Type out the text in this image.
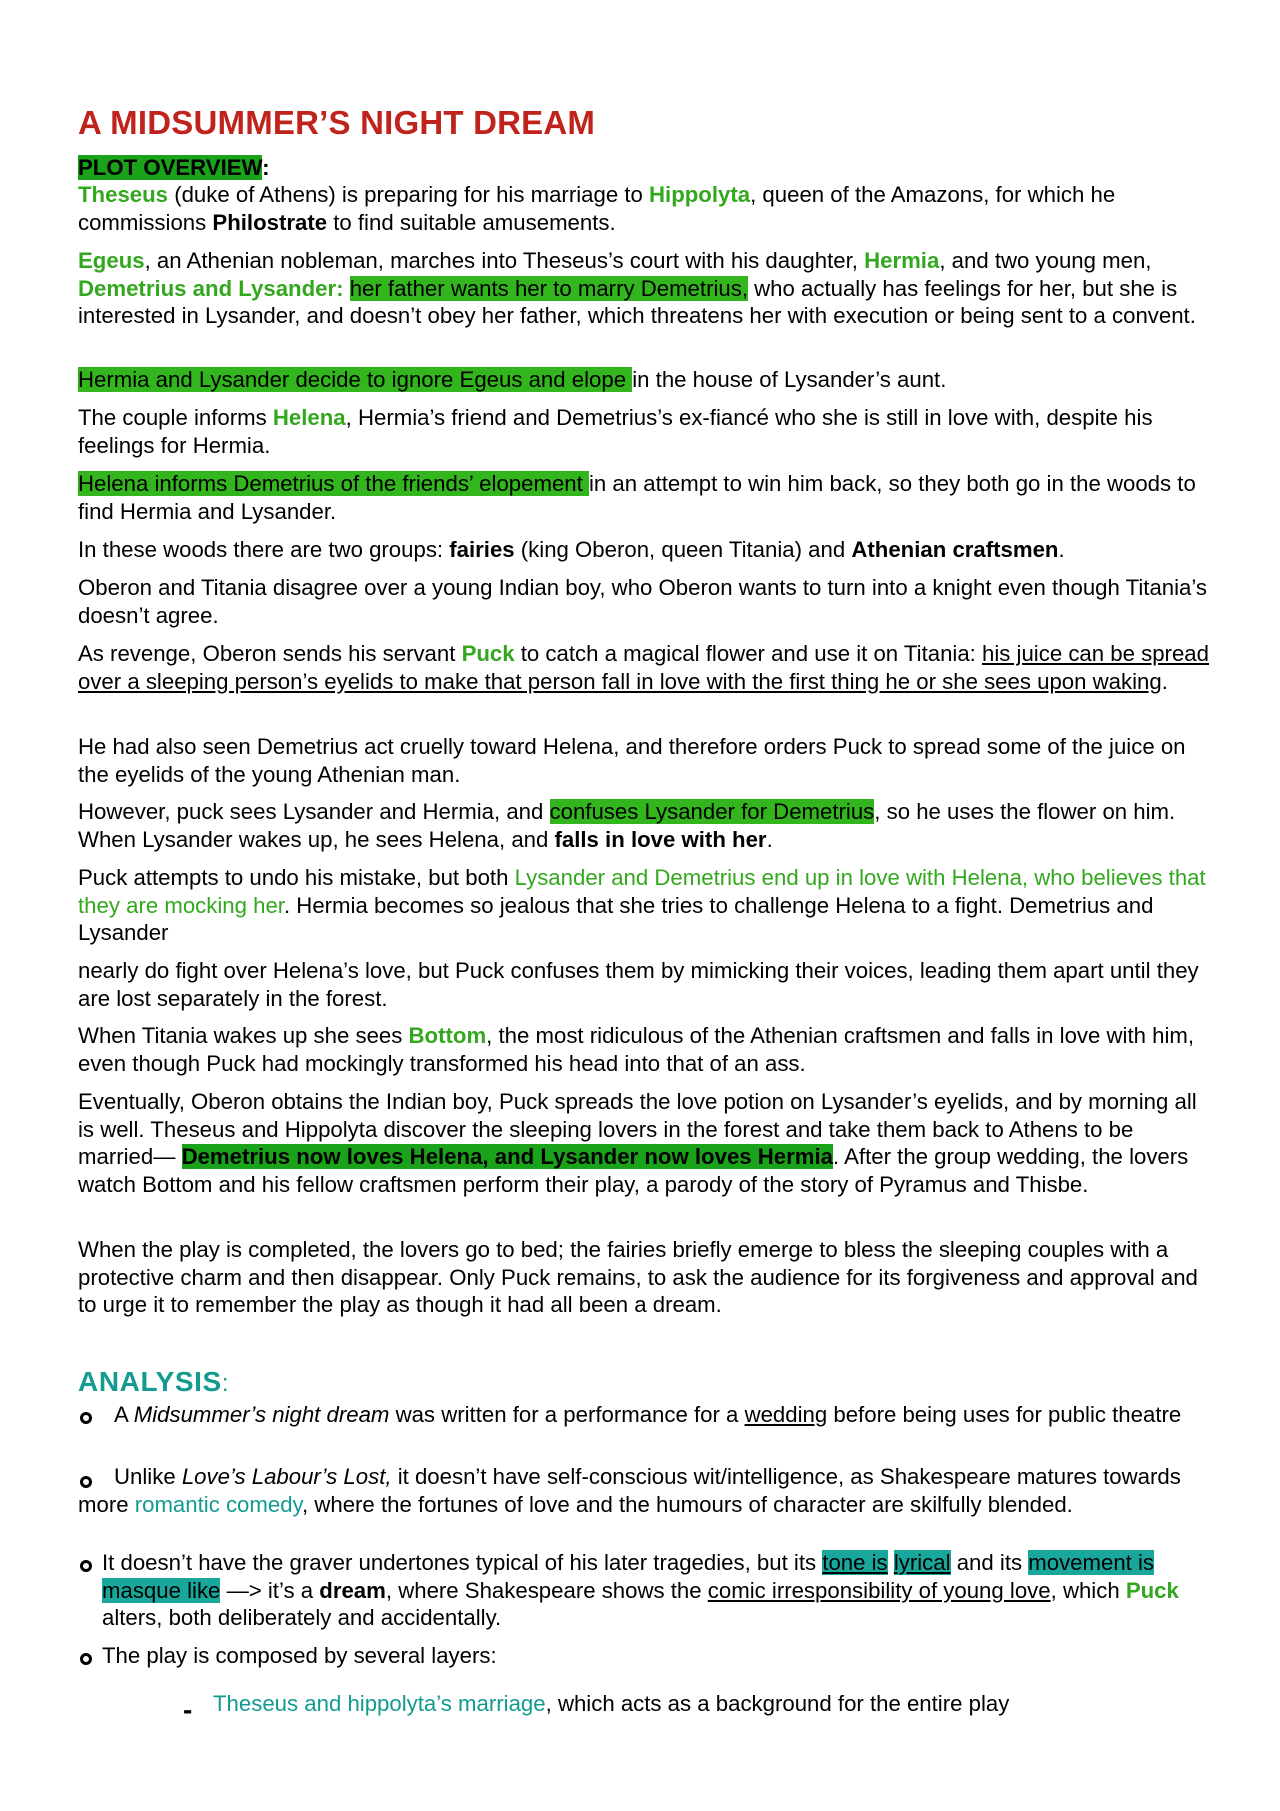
A MIDSUMMER’S NIGHT DREAM

PLOT OVERVIEW:

Theseus (duke of Athens) is preparing for his marriage to Hippolyta, queen of the Amazons, for which he commissions Philostrate to find suitable amusements.

Egeus, an Athenian nobleman, marches into Theseus’s court with his daughter, Hermia, and two young men, Demetrius and Lysander: her father wants her to marry Demetrius, who actually has feelings for her, but she is interested in Lysander, and doesn’t obey her father, which threatens her with execution or being sent to a convent.

Hermia and Lysander decide to ignore Egeus and elope in the house of Lysander’s aunt.

The couple informs Helena, Hermia’s friend and Demetrius’s ex-fiancé who she is still in love with, despite his feelings for Hermia.

Helena informs Demetrius of the friends’ elopement in an attempt to win him back, so they both go in the woods to find Hermia and Lysander.

In these woods there are two groups: fairies (king Oberon, queen Titania) and Athenian craftsmen.

Oberon and Titania disagree over a young Indian boy, who Oberon wants to turn into a knight even though Titania’s doesn’t agree.

As revenge, Oberon sends his servant Puck to catch a magical flower and use it on Titania: his juice can be spread over a sleeping person’s eyelids to make that person fall in love with the first thing he or she sees upon waking.

He had also seen Demetrius act cruelly toward Helena, and therefore orders Puck to spread some of the juice on the eyelids of the young Athenian man.

However, puck sees Lysander and Hermia, and confuses Lysander for Demetrius, so he uses the flower on him. When Lysander wakes up, he sees Helena, and falls in love with her.

Puck attempts to undo his mistake, but both Lysander and Demetrius end up in love with Helena, who believes that they are mocking her. Hermia becomes so jealous that she tries to challenge Helena to a fight. Demetrius and Lysander

nearly do fight over Helena’s love, but Puck confuses them by mimicking their voices, leading them apart until they are lost separately in the forest.

When Titania wakes up she sees Bottom, the most ridiculous of the Athenian craftsmen and falls in love with him, even though Puck had mockingly transformed his head into that of an ass.

Eventually, Oberon obtains the Indian boy, Puck spreads the love potion on Lysander’s eyelids, and by morning all is well. Theseus and Hippolyta discover the sleeping lovers in the forest and take them back to Athens to be married— Demetrius now loves Helena, and Lysander now loves Hermia. After the group wedding, the lovers watch Bottom and his fellow craftsmen perform their play, a parody of the story of Pyramus and Thisbe.

When the play is completed, the lovers go to bed; the fairies briefly emerge to bless the sleeping couples with a protective charm and then disappear. Only Puck remains, to ask the audience for its forgiveness and approval and to urge it to remember the play as though it had all been a dream.

ANALYSIS:

A Midsummer’s night dream was written for a performance for a wedding before being uses for public theatre

Unlike Love’s Labour’s Lost, it doesn’t have self-conscious wit/intelligence, as Shakespeare matures towards more romantic comedy, where the fortunes of love and the humours of character are skilfully blended.

It doesn’t have the graver undertones typical of his later tragedies, but its tone is lyrical and its movement is masque like —> it’s a dream, where Shakespeare shows the comic irresponsibility of young love, which Puck alters, both deliberately and accidentally.

The play is composed by several layers:

- Theseus and hippolyta’s marriage, which acts as a background for the entire play
